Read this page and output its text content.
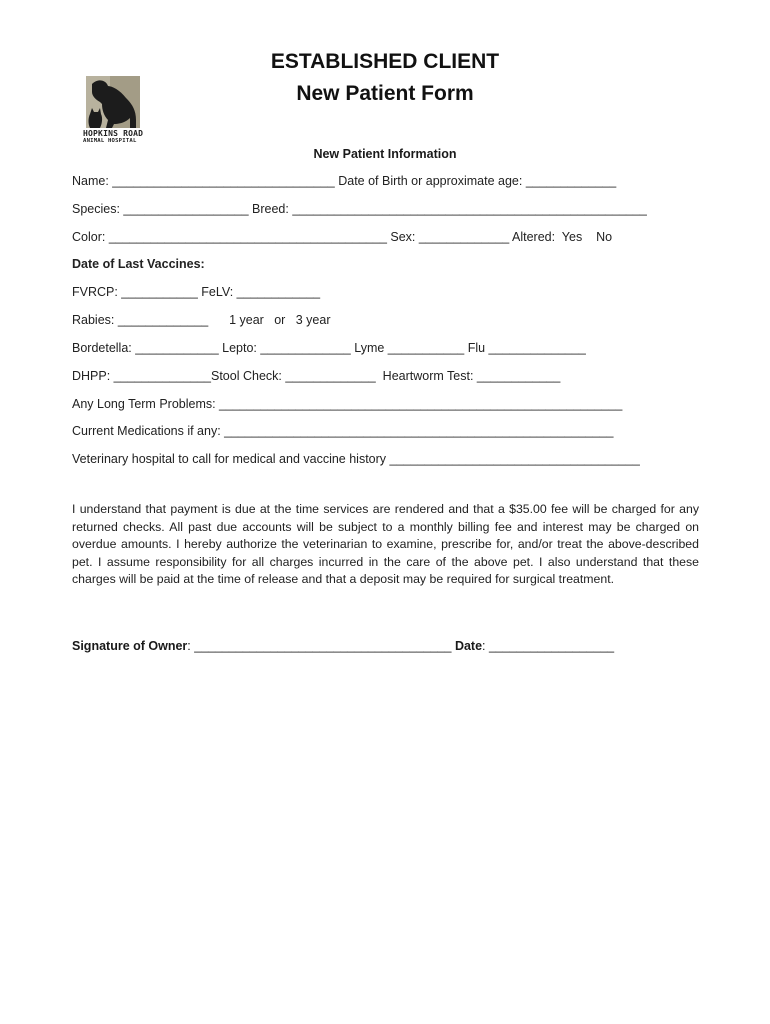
HOPKINS ROAD
ANIMAL HOSPITAL
ESTABLISHED CLIENT
New Patient Form
New Patient Information
Name: ________________________________ Date of Birth or approximate age: _____________
Species: __________________ Breed: ___________________________________________________
Color: ________________________________________ Sex: _____________ Altered:  Yes    No
Date of Last Vaccines:
FVRCP: ___________ FeLV: ____________
Rabies: _____________      1 year   or   3 year
Bordetella: ____________ Lepto: _____________ Lyme ___________ Flu ______________
DHPP: ______________Stool Check: _____________  Heartworm Test: ____________
Any Long Term Problems: __________________________________________________________
Current Medications if any: ________________________________________________________
Veterinary hospital to call for medical and vaccine history ____________________________________
I understand that payment is due at the time services are rendered and that a $35.00 fee will be charged for any returned checks. All past due accounts will be subject to a monthly billing fee and interest may be charged on overdue amounts. I hereby authorize the veterinarian to examine, prescribe for, and/or treat the above-described pet. I assume responsibility for all charges incurred in the care of the above pet. I also understand that these charges will be paid at the time of release and that a deposit may be required for surgical treatment.
Signature of Owner: _____________________________________ Date: __________________
